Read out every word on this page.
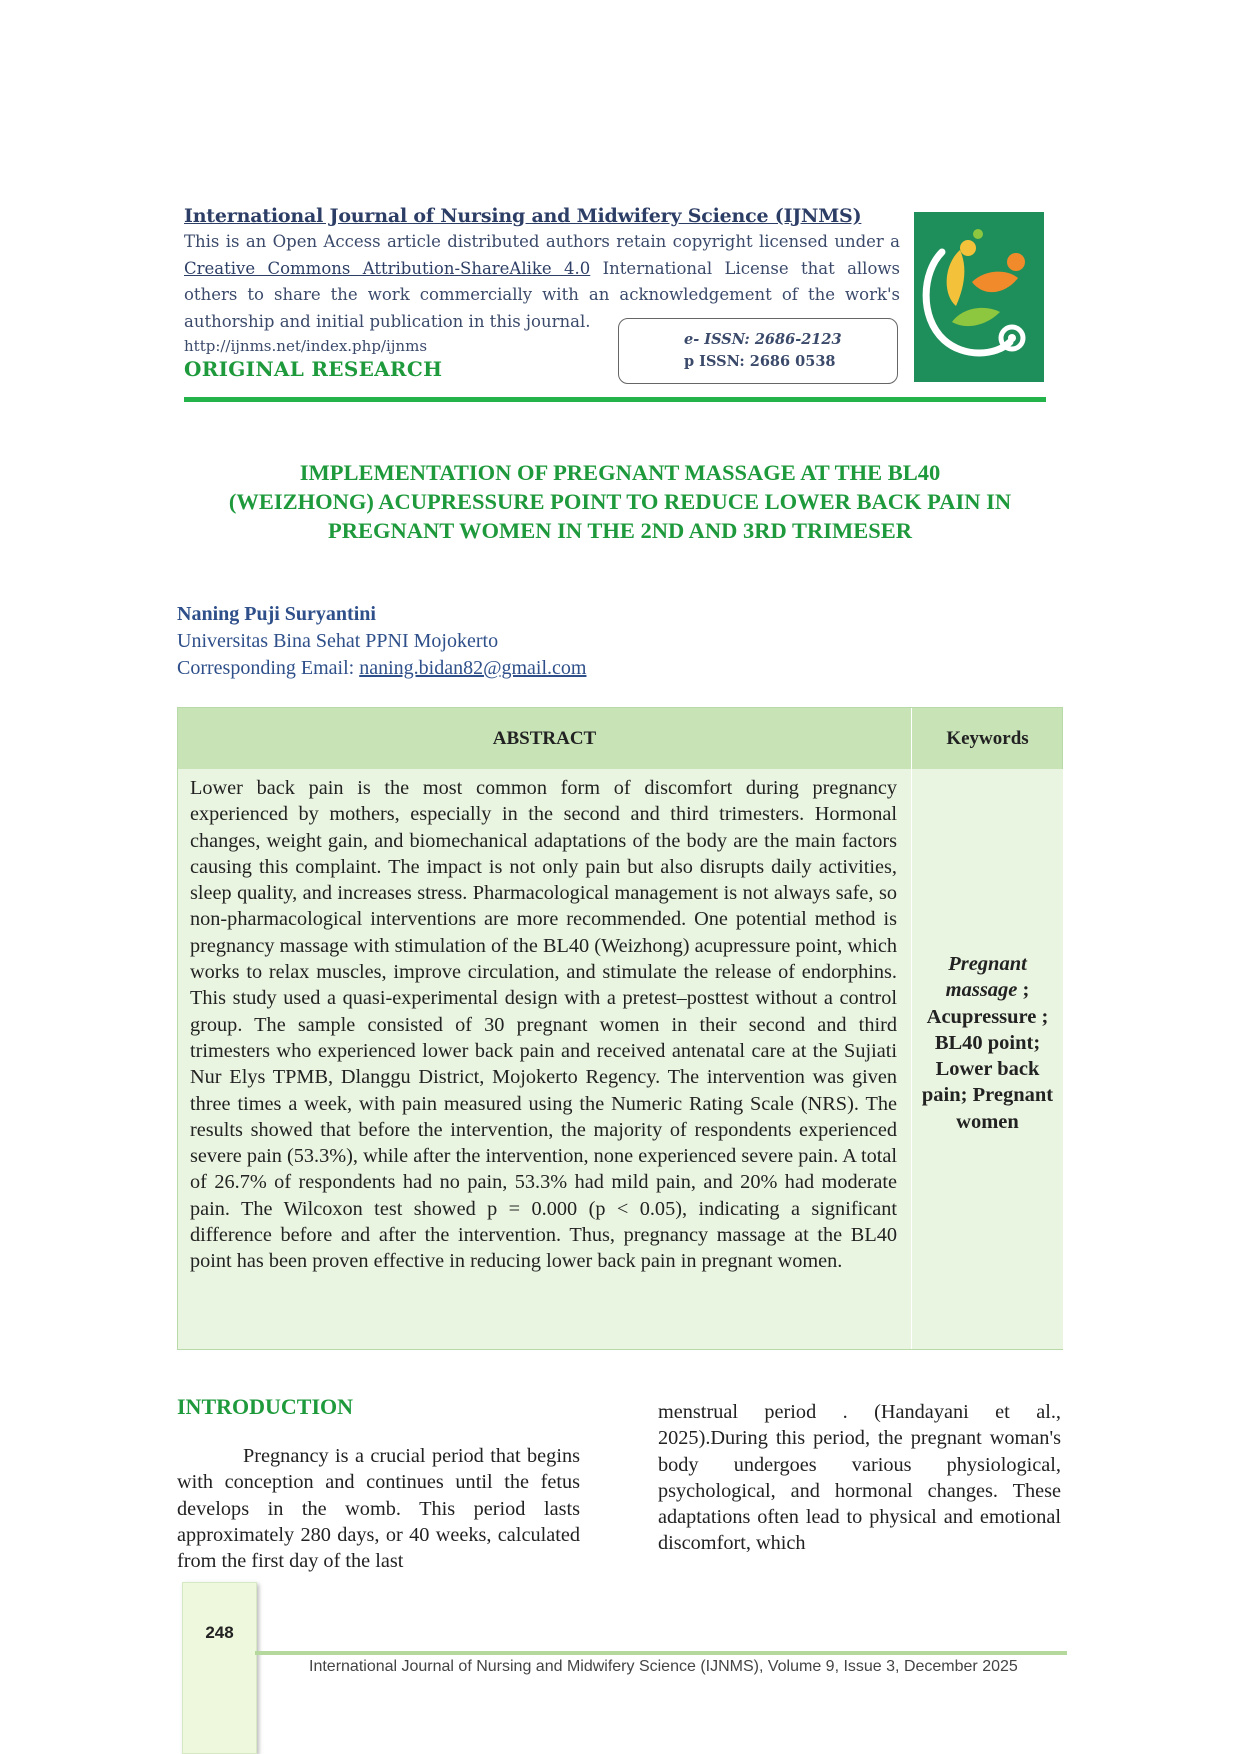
International Journal of Nursing and Midwifery Science (IJNMS)
This is an Open Access article distributed authors retain copyright licensed under a Creative Commons Attribution-ShareAlike 4.0 International License that allows others to share the work commercially with an acknowledgement of the work's authorship and initial publication in this journal.
http://ijnms.net/index.php/ijnms
ORIGINAL RESEARCH
e- ISSN: 2686-2123
p ISSN: 2686 0538
IMPLEMENTATION OF PREGNANT MASSAGE AT THE BL40
(WEIZHONG) ACUPRESSURE POINT TO REDUCE LOWER BACK PAIN IN
PREGNANT WOMEN IN THE 2ND AND 3RD TRIMESER
Naning Puji Suryantini
Universitas Bina Sehat PPNI Mojokerto
Corresponding Email: naning.bidan82@gmail.com
ABSTRACT	Keywords
Lower back pain is the most common form of discomfort during pregnancy experienced by mothers, especially in the second and third trimesters. Hormonal changes, weight gain, and biomechanical adaptations of the body are the main factors causing this complaint. The impact is not only pain but also disrupts daily activities, sleep quality, and increases stress. Pharmacological management is not always safe, so non-pharmacological interventions are more recommended. One potential method is pregnancy massage with stimulation of the BL40 (Weizhong) acupressure point, which works to relax muscles, improve circulation, and stimulate the release of endorphins. This study used a quasi-experimental design with a pretest–posttest without a control group. The sample consisted of 30 pregnant women in their second and third trimesters who experienced lower back pain and received antenatal care at the Sujiati Nur Elys TPMB, Dlanggu District, Mojokerto Regency. The intervention was given three times a week, with pain measured using the Numeric Rating Scale (NRS). The results showed that before the intervention, the majority of respondents experienced severe pain (53.3%), while after the intervention, none experienced severe pain. A total of 26.7% of respondents had no pain, 53.3% had mild pain, and 20% had moderate pain. The Wilcoxon test showed p = 0.000 (p < 0.05), indicating a significant difference before and after the intervention. Thus, pregnancy massage at the BL40 point has been proven effective in reducing lower back pain in pregnant women.
Pregnant massage ; Acupressure ; BL40 point; Lower back pain; Pregnant women
INTRODUCTION
Pregnancy is a crucial period that begins with conception and continues until the fetus develops in the womb. This period lasts approximately 280 days, or 40 weeks, calculated from the first day of the last
menstrual period . (Handayani et al., 2025).During this period, the pregnant woman's body undergoes various physiological, psychological, and hormonal changes. These adaptations often lead to physical and emotional discomfort, which
248
International Journal of Nursing and Midwifery Science (IJNMS), Volume 9, Issue 3, December 2025
